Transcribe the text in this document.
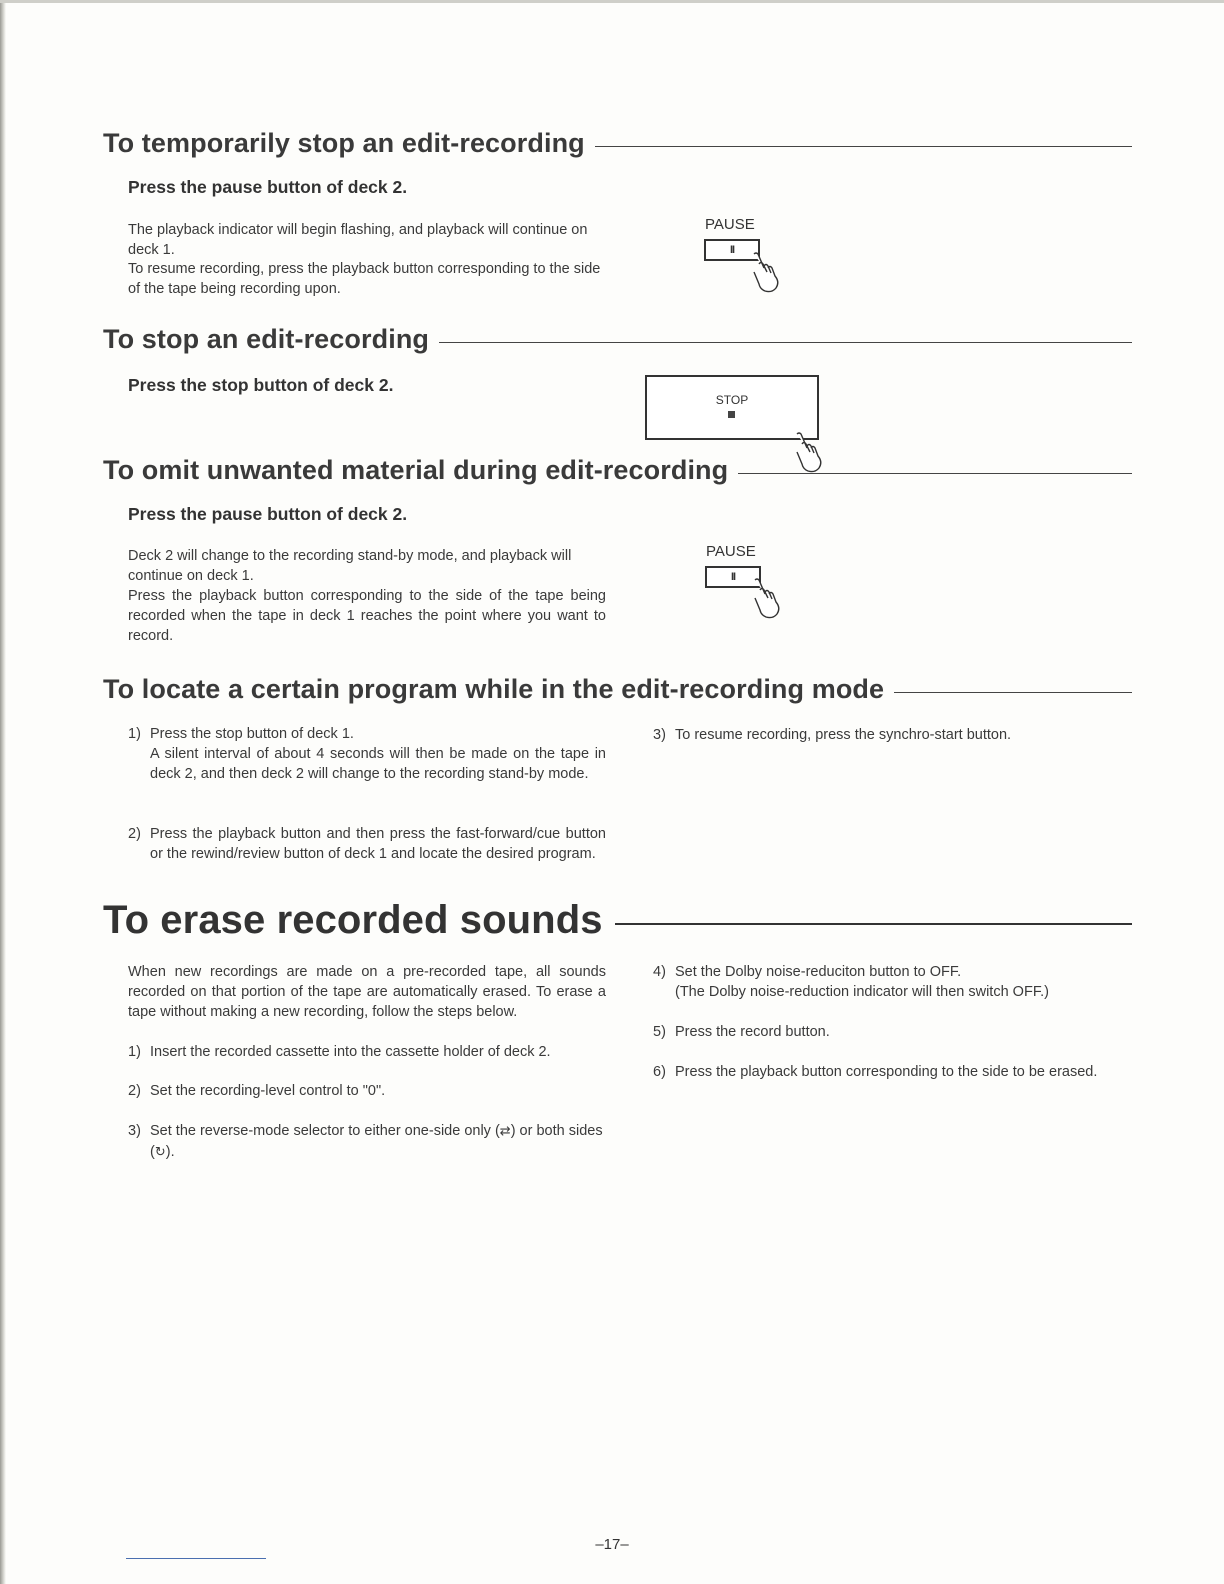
To temporarily stop an edit-recording

Press the pause button of deck 2.

The playback indicator will begin flashing, and playback will continue on deck 1.

To resume recording, press the playback button corresponding to the side of the tape being recording upon.

PAUSE
II
To stop an edit-recording

Press the stop button of deck 2.

STOP
To omit unwanted material during edit-recording

Press the pause button of deck 2.

Deck 2 will change to the recording stand-by mode, and playback will continue on deck 1.

Press the playback button corresponding to the side of the tape being recorded when the tape in deck 1 reaches the point where you want to record.

PAUSE
II
To locate a certain program while in the edit-recording mode
1) Press the stop button of deck 1.

A silent interval of about 4 seconds will then be made on the tape in deck 2, and then deck 2 will change to the recording stand-by mode.

2) Press the playback button and then press the fast-forward/cue button or the rewind/review button of deck 1 and locate the desired program.

3) To resume recording, press the synchro-start button.

To erase recorded sounds

When new recordings are made on a pre-recorded tape, all sounds recorded on that portion of the tape are automatically erased. To erase a tape without making a new recording, follow the steps below.

1) Insert the recorded cassette into the cassette holder of deck 2.

2) Set the recording-level control to "0".

3) Set the reverse-mode selector to either one-side only (⇄) or both sides (↻).

4) Set the Dolby noise-reduciton button to OFF.

(The Dolby noise-reduction indicator will then switch OFF.)

5) Press the record button.

6) Press the playback button corresponding to the side to be erased.

–17–
